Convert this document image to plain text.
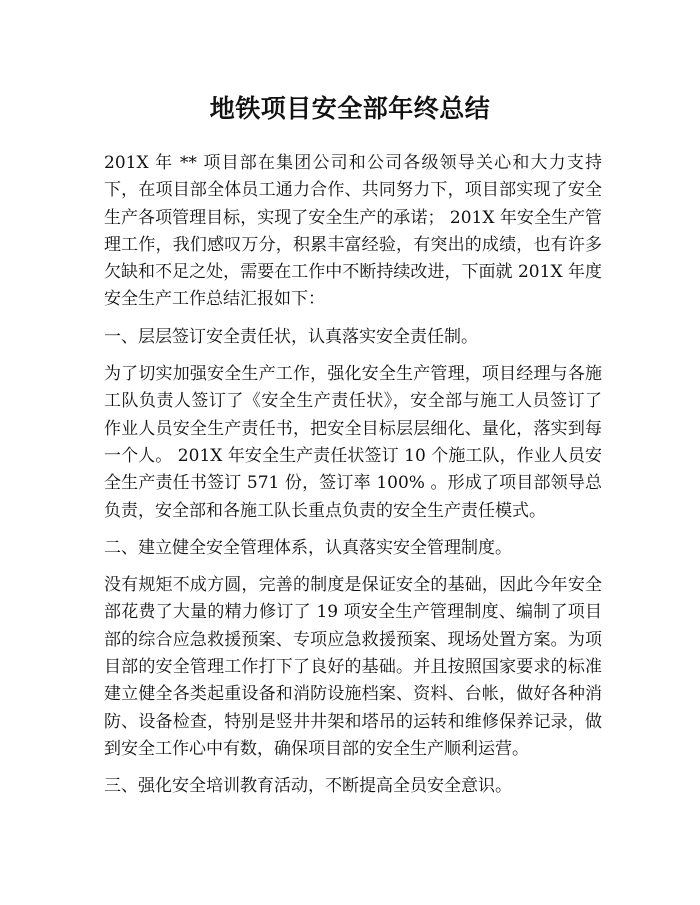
地铁项目安全部年终总结

201X 年 ** 项目部在集团公司和公司各级领导关心和大力支持下，在项目部全体员工通力合作、共同努力下，项目部实现了安全生产各项管理目标，实现了安全生产的承诺； 201X 年安全生产管理工作，我们感叹万分，积累丰富经验，有突出的成绩，也有许多欠缺和不足之处，需要在工作中不断持续改进，下面就 201X 年度安全生产工作总结汇报如下：

一、层层签订安全责任状，认真落实安全责任制。

为了切实加强安全生产工作，强化安全生产管理，项目经理与各施工队负责人签订了《安全生产责任状》，安全部与施工人员签订了作业人员安全生产责任书，把安全目标层层细化、量化，落实到每一个人。 201X 年安全生产责任状签订 10 个施工队，作业人员安全生产责任书签订 571 份，签订率 100% 。形成了项目部领导总负责，安全部和各施工队长重点负责的安全生产责任模式。

二、建立健全安全管理体系，认真落实安全管理制度。

没有规矩不成方圆，完善的制度是保证安全的基础，因此今年安全部花费了大量的精力修订了 19 项安全生产管理制度、编制了项目部的综合应急救援预案、专项应急救援预案、现场处置方案。为项目部的安全管理工作打下了良好的基础。并且按照国家要求的标准建立健全各类起重设备和消防设施档案、资料、台帐，做好各种消防、设备检查，特别是竖井井架和塔吊的运转和维修保养记录，做到安全工作心中有数，确保项目部的安全生产顺利运营。

三、强化安全培训教育活动，不断提高全员安全意识。
